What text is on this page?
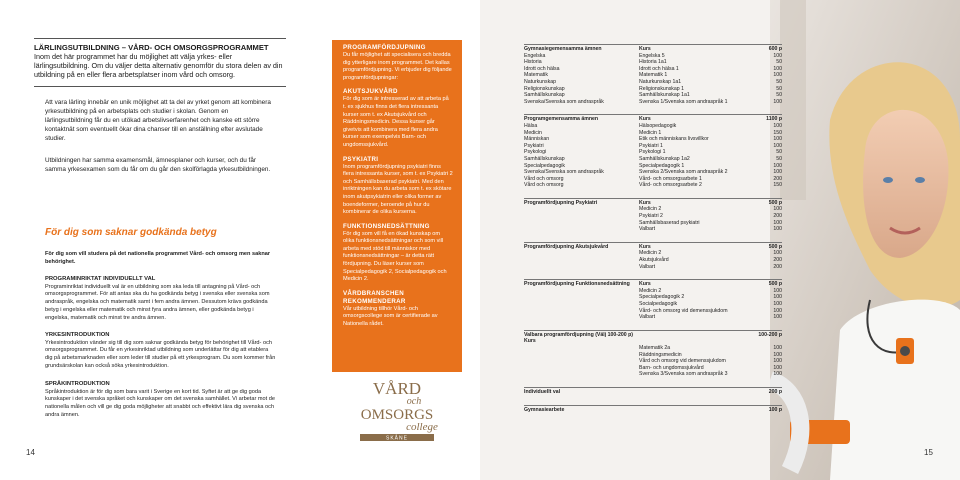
LÄRLINGSUTBILDNING – VÅRD- OCH OMSORGSPROGRAMMET
Inom det här programmet har du möjlighet att välja yrkes- eller lärlingsutbildning. Om du väljer detta alternativ genomför du stora delen av din utbildning på en eller flera arbetsplatser inom vård och omsorg.
Att vara lärling innebär en unik möjlighet att ta del av yrket genom att kombinera yrkesutbildning på en arbetsplats och studier i skolan. Genom en lärlingsutbildning får du en utökad arbetslivserfarenhet och kanske ett större kontaktnät som eventuellt ökar dina chanser till en anställning efter avslutade studier.
Utbildningen har samma examensmål, ämnesplaner och kurser, och du får samma yrkesexamen som du får om du går den skolförlagda yrkesutbildningen.
För dig som saknar godkända betyg
För dig som vill studera på det nationella programmet Vård- och omsorg men saknar behörighet.
PROGRAMINRIKTAT INDIVIDUELLT VAL
Programinriktat individuellt val är en utbildning som ska leda till antagning på Vård- och omsorgsprogrammet. För att antas ska du ha godkända betyg i svenska eller svenska som andraspråk, engelska och matematik samt i fem andra ämnen. Dessutom krävs godkända betyg i engelska eller matematik och minst fyra andra ämnen, eller godkända betyg i engelska, matematik och minst tre andra ämnen.
YRKESINTRODUKTION
Yrkesintroduktion vänder sig till dig som saknar godkända betyg för behörighet till Vård- och omsorgsprogrammet. Du får en yrkesinriktad utbildning som underlättar för dig att etablera dig på arbetsmarknaden eller som leder till studier på ett yrkesprogram. Du som kommer från grundsärskolan kan också söka yrkesintroduktion.
SPRÅKINTRODUKTION
Språkintroduktion är för dig som bara varit i Sverige en kort tid. Syftet är att ge dig goda kunskaper i det svenska språket och kunskaper om det svenska samhället. Vi arbetar mot de nationella målen och vill ge dig goda möjligheter att snabbt och effektivt lära dig svenska och andra ämnen.
14
PROGRAMFÖRDJUPNING
Du får möjlighet att specialisera och bredda dig ytterligare inom programmet. Det kallas programfördjupning. Vi erbjuder dig följande programfördjupningar:
AKUTSJUKVÅRD
För dig som är intresserad av att arbeta på t. ex sjukhus finns det flera intressanta kurser som t. ex Akutsjukvård och Räddningsmedicin. Dessa kurser går givetvis att kombinera med flera andra kurser som exempelvis Barn- och ungdomssjukvård.
PSYKIATRI
Inom programfördjupning psykiatri finns flera intressanta kurser, som t. ex Psykiatri 2 och Samhällsbaserad psykiatri. Med den inriktningen kan du arbeta som t. ex skötare inom akutpsykiatrin eller olika former av boendeformer, beroende på hur du kombinerar de olika kurserna.
FUNKTIONSNEDSÄTTNING
För dig som vill få en ökad kunskap om olika funktionsnedsättningar och som vill arbeta med stöd till människor med funktionsnedsättningar – är detta rätt fördjupning. Du läser kurser som Specialpedagogik 2, Socialpedagogik och Medicin 2.
VÅRDBRANSCHEN REKOMMENDERAR
Vår utbildning tillhör Vård- och omsorgscollege som är certifierade av Nationella rådet.
VÅRD
och
OMSORGS
college
SKÅNE
Gymnasiegemensamma ämnen	Kurs	600 p
Engelska	Engelska 5	100
Historia	Historia 1a1	50
Idrott och hälsa	Idrott och hälsa 1	100
Matematik	Matematik 1	100
Naturkunskap	Naturkunskap 1a1	50
Religionskunskap	Religionskunskap 1	50
Samhällskunskap	Samhällskunskap 1a1	50
Svenska/Svenska som andraspråk	Svenska 1/Svenska som andraspråk 1	100
Programgemensamma ämnen	Kurs	1100 p
Hälsa	Hälsopedagogik	100
Medicin	Medicin 1	150
Människan	Etik och människans livsvillkor	100
Psykiatri	Psykiatri 1	100
Psykologi	Psykologi 1	50
Samhällskunskap	Samhällskunskap 1a2	50
Specialpedagogik	Specialpedagogik 1	100
Svenska/Svenska som andraspråk	Svenska 2/Svenska som andraspråk 2	100
Vård och omsorg	Vård- och omsorgsarbete 1	200
Vård och omsorg	Vård- och omsorgsarbete 2	150
Programfördjupning Psykiatri	Kurs	500 p
Medicin 2	100
Psykiatri 2	200
Samhällsbaserad psykiatri	100
Valbart	100
Programfördjupning Akutsjukvård	Kurs	500 p
Medicin 2	100
Akutsjukvård	200
Valbart	200
Programfördjupning Funktionsnedsättning	Kurs	500 p
Medicin 2	100
Specialpedagogik 2	100
Socialpedagogik	100
Vård- och omsorg vid demenssjukdom	100
Valbart	100
Valbara programfördjupning (Välj 100-200 p) Kurs
100-200 p
Matematik 2a	100
Räddningsmedicin	100
Vård och omsorg vid demenssjukdom	100
Barn- och ungdomssjukvård	100
Svenska 3/Svenska som andraspråk 3	100
Individuellt val	200 p
Gymnasiearbete	100 p
15
